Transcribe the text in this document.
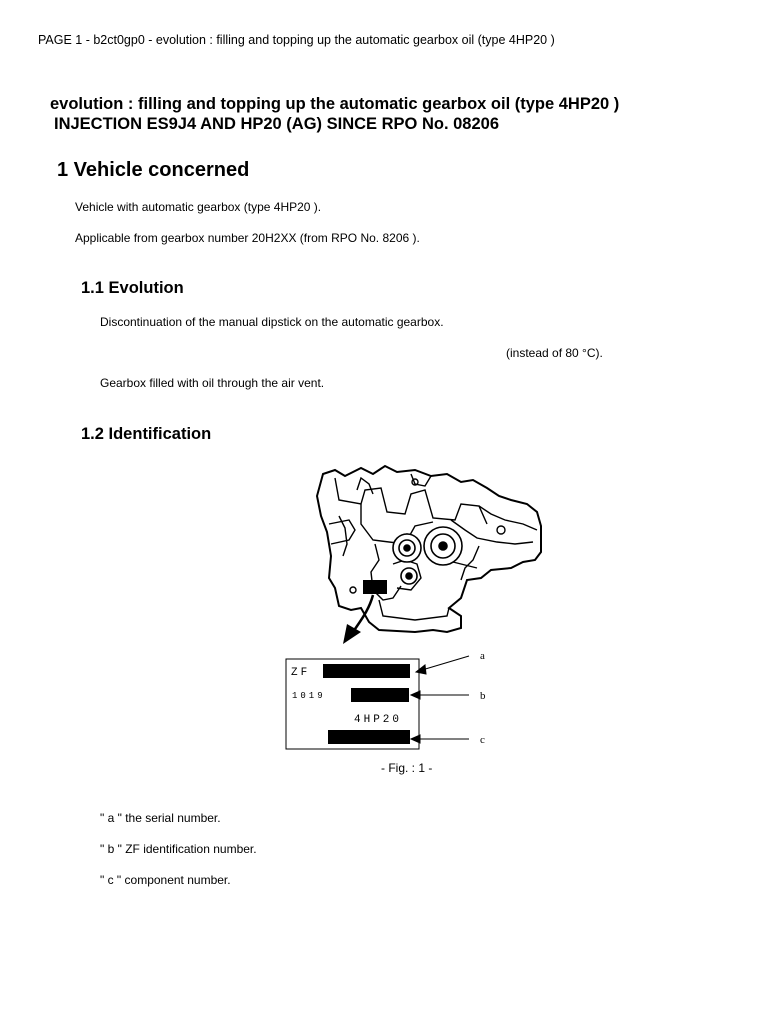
PAGE 1 - b2ct0gp0 - evolution : filling and topping up the automatic gearbox oil (type 4HP20 )
evolution : filling and topping up the automatic gearbox oil (type 4HP20 )
INJECTION ES9J4 AND HP20 (AG) SINCE RPO No. 08206
1 Vehicle concerned
Vehicle with automatic gearbox (type 4HP20 ).
Applicable from gearbox number 20H2XX (from RPO No. 8206 ).
1.1 Evolution
Discontinuation of the manual dipstick on the automatic gearbox.
(instead of 80 °C).
Gearbox filled with oil through the air vent.
1.2 Identification
ZF
1019
4HP20
a
b
c
- Fig. : 1 -
" a " the serial number.
" b " ZF identification number.
" c " component number.
